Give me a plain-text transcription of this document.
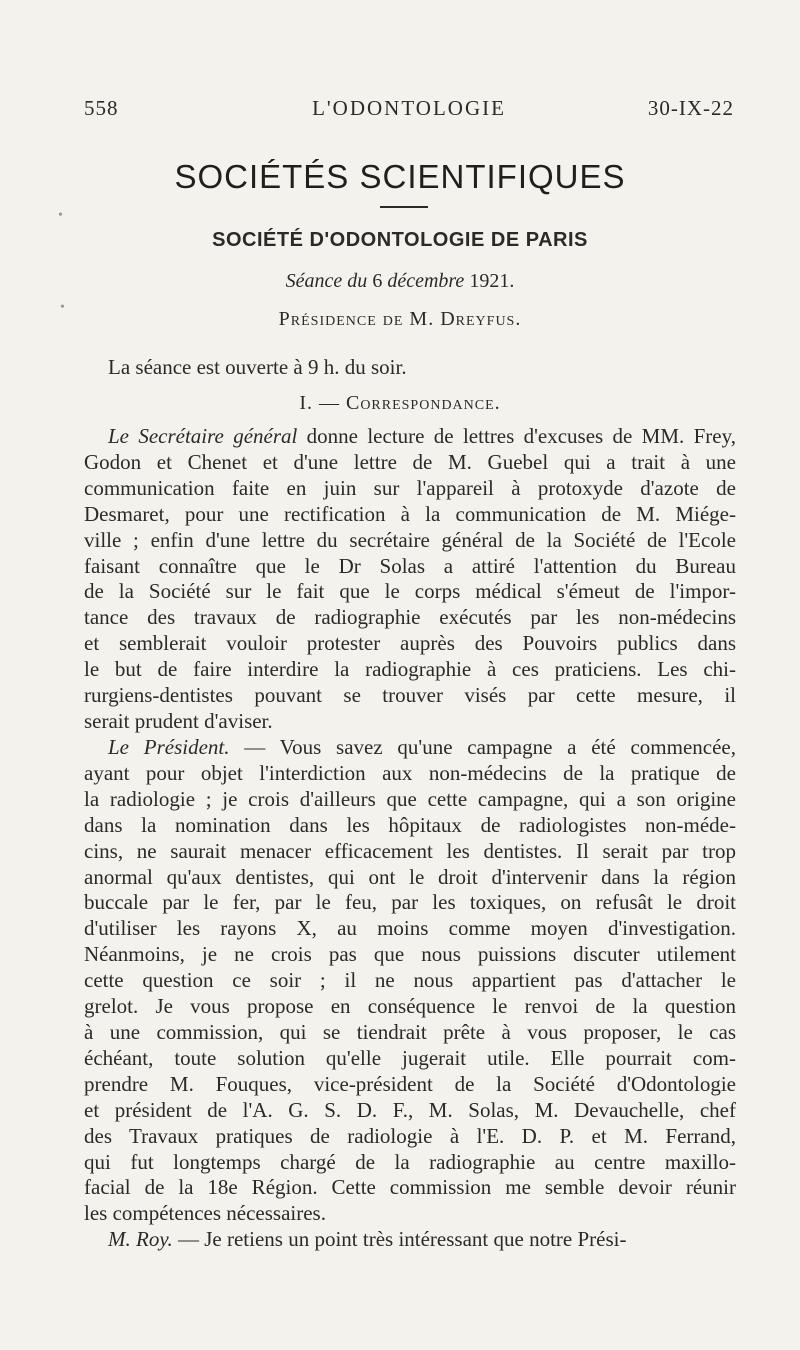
558	L'ODONTOLOGIE	30-IX-22
SOCIÉTÉS SCIENTIFIQUES
SOCIÉTÉ D'ODONTOLOGIE DE PARIS
Séance du 6 décembre 1921.
Présidence de M. Dreyfus.
La séance est ouverte à 9 h. du soir.
I. — Correspondance.
Le Secrétaire général donne lecture de lettres d'excuses de MM. Frey,
Godon et Chenet et d'une lettre de M. Guebel qui a trait à une
communication faite en juin sur l'appareil à protoxyde d'azote de
Desmaret, pour une rectification à la communication de M. Miége-
ville ; enfin d'une lettre du secrétaire général de la Société de l'Ecole
faisant connaître que le Dr Solas a attiré l'attention du Bureau
de la Société sur le fait que le corps médical s'émeut de l'impor-
tance des travaux de radiographie exécutés par les non-médecins
et semblerait vouloir protester auprès des Pouvoirs publics dans
le but de faire interdire la radiographie à ces praticiens. Les chi-
rurgiens-dentistes pouvant se trouver visés par cette mesure, il
serait prudent d'aviser.
Le Président. — Vous savez qu'une campagne a été commencée,
ayant pour objet l'interdiction aux non-médecins de la pratique de
la radiologie ; je crois d'ailleurs que cette campagne, qui a son origine
dans la nomination dans les hôpitaux de radiologistes non-méde-
cins, ne saurait menacer efficacement les dentistes. Il serait par trop
anormal qu'aux dentistes, qui ont le droit d'intervenir dans la région
buccale par le fer, par le feu, par les toxiques, on refusât le droit
d'utiliser les rayons X, au moins comme moyen d'investigation.
Néanmoins, je ne crois pas que nous puissions discuter utilement
cette question ce soir ; il ne nous appartient pas d'attacher le
grelot. Je vous propose en conséquence le renvoi de la question
à une commission, qui se tiendrait prête à vous proposer, le cas
échéant, toute solution qu'elle jugerait utile. Elle pourrait com-
prendre M. Fouques, vice-président de la Société d'Odontologie
et président de l'A. G. S. D. F., M. Solas, M. Devauchelle, chef
des Travaux pratiques de radiologie à l'E. D. P. et M. Ferrand,
qui fut longtemps chargé de la radiographie au centre maxillo-
facial de la 18e Région. Cette commission me semble devoir réunir
les compétences nécessaires.
M. Roy. — Je retiens un point très intéressant que notre Prési-
•
•
